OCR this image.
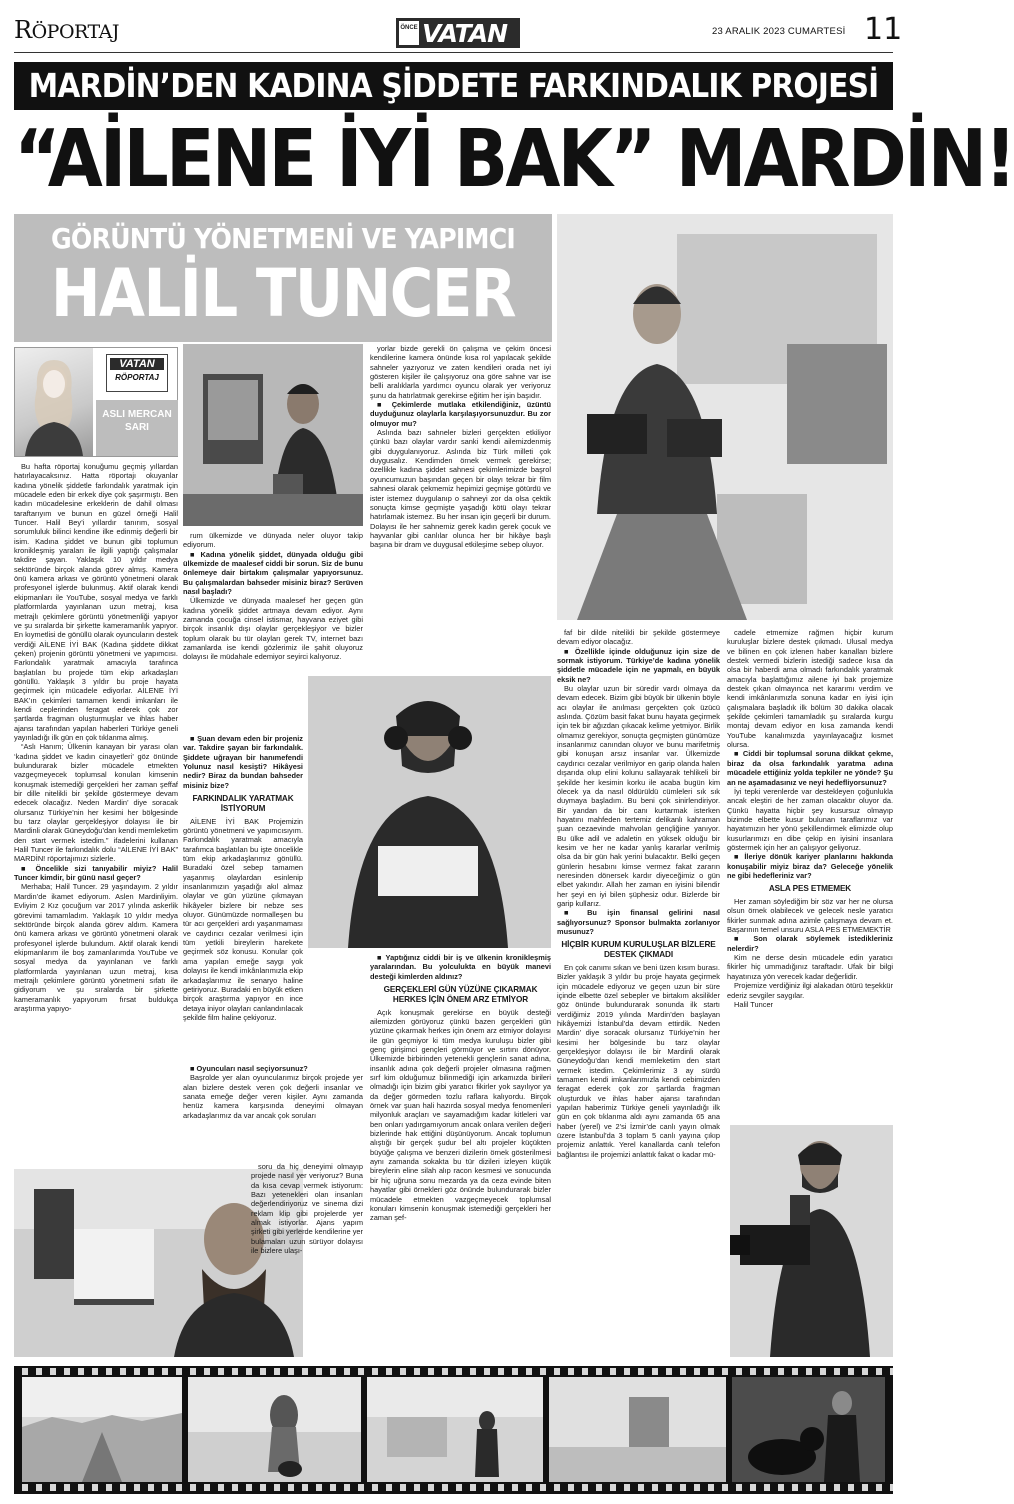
RÖPORTAJ	ÖNCE VATAN	23 ARALIK 2023 CUMARTESİ 11
MARDİN’DEN KADINA ŞİDDETE FARKINDALIK PROJESİ
“AİLENE İYİ BAK” MARDİN!
GÖRÜNTÜ YÖNETMENİ VE YAPIMCI
HALİL TUNCER
VATAN
RÖPORTAJ
ASLI MERCAN
SARI

Bu hafta röportaj konuğumu geçmiş yıllardan hatırlayacaksınız. Hatta röportajı okuyanlar kadına yönelik şiddetle farkındalık yaratmak için mücadele eden bir erkek diye çok şaşırmıştı. Ben kadın mücadelesine erkeklerin de dahil olması taraftarıyım ve bunun en güzel örneği Halil Tuncer. Halil Bey’i yıllardır tanırım, sosyal sorumluluk bilinci kendine ilke edinmiş değerli bir isim. Kadına şiddet ve bunun gibi toplumun kronikleşmiş yaraları ile ilgili yaptığı çalışmalar takdire şayan. Yaklaşık 10 yıldır medya sektöründe birçok alanda görev almış. Kamera önü kamera arkası ve görüntü yönetmeni olarak profesyonel işlerde bulunmuş. Aktif olarak kendi ekipmanları ile YouTube, sosyal medya ve farklı platformlarda yayınlanan uzun metraj, kısa metrajlı çekimlere görüntü yönetmenliği yapıyor ve şu sıralarda bir şirkette kameramanlık yapıyor. En kıymetlisi de gönüllü olarak oyuncuların destek verdiği AİLENE İYİ BAK (Kadına şiddete dikkat çeken) projenin görüntü yönetmeni ve yapımcısı. Farkındalık yaratmak amacıyla tarafınca başlatılan bu projede tüm ekip arkadaşları gönüllü. Yaklaşık 3 yıldır bu proje hayata geçirmek için mücadele ediyorlar. AİLENE İYİ BAK’ın çekimleri tamamen kendi imkanları ile kendi ceplerinden feragat ederek çok zor şartlarda fragman oluşturmuşlar ve ihlas haber ajansı tarafından yapılan haberleri Türkiye geneli yayınladığı ilk gün en çok tıklanma almış.

“Aslı Hanım; Ülkenin kanayan bir yarası olan ‘kadına şiddet ve kadın cinayetleri’ göz önünde bulundurarak bizler mücadele etmekten vazgeçmeyecek toplumsal konuları kimsenin konuşmak istemediği gerçekleri her zaman şeffaf bir dille nitelikli bir şekilde göstermeye devam edecek olacağız. Neden Mardin’ diye soracak olursanız Türkiye’nin her kesimi her bölgesinde bu tarz olaylar gerçekleşiyor dolayısı ile bir Mardinli olarak Güneydoğu’dan kendi memleketim den start vermek istedim.” ifadelerini kullanan Halil Tuncer ile farkındalık dolu “AİLENE İYİ BAK” MARDİN! röportajımızı sizlerle.

■ Öncelikle sizi tanıyabilir miyiz? Halil Tuncer kimdir, bir günü nasıl geçer?

Merhaba; Halil Tuncer. 29 yaşındayım. 2 yıldır Mardin’de ikamet ediyorum. Aslen Mardinliyim. Evliyim 2 Kız çocuğum var 2017 yılında askerlik görevimi tamamladım. Yaklaşık 10 yıldır medya sektöründe birçok alanda görev aldım. Kamera önü kamera arkası ve görüntü yönetmeni olarak profesyonel işlerde bulundum. Aktif olarak kendi ekipmanlarım ile boş zamanlarımda YouTube ve sosyal medya da yayınlanan ve farklı platformlarda yayınlanan uzun metraj, kısa metrajlı çekimlere görüntü yönetmeni sıfatı ile gidiyorum ve şu sıralarda bir şirkette kameramanlık yapıyorum fırsat buldukça araştırma yapıyo-

rum ülkemizde ve dünyada neler oluyor takip ediyorum.

■ Kadına yönelik şiddet, dünyada olduğu gibi ülkemizde de maalesef ciddi bir sorun. Siz de bunu önlemeye dair birtakım çalışmalar yapıyorsunuz. Bu çalışmalardan bahseder misiniz biraz? Serüven nasıl başladı?

Ülkemizde ve dünyada maalesef her geçen gün kadına yönelik şiddet artmaya devam ediyor. Aynı zamanda çocuğa cinsel istismar, hayvana eziyet gibi birçok insanlık dışı olaylar gerçekleşiyor ve bizler toplum olarak bu tür olayları gerek TV, internet bazı zamanlarda ise kendi gözlerimiz ile şahit oluyoruz dolayısı ile müdahale edemiyor seyirci kalıyoruz.

■ Şuan devam eden bir projeniz var. Takdire şayan bir farkındalık. Şiddete uğrayan bir hanımefendi Yolunuz nasıl kesişti? Hikâyesi nedir? Biraz da bundan bahseder misiniz bize?

FARKINDALIK YARATMAK İSTİYORUM

AİLENE İYİ BAK Projemizin görüntü yönetmeni ve yapımcısıyım. Farkındalık yaratmak amacıyla tarafımca başlatılan bu işte öncelikle tüm ekip arkadaşlarımız gönüllü. Buradaki özel sebep tamamen yaşanmış olaylardan esinlenip insanlarımızın yaşadığı akıl almaz olaylar ve gün yüzüne çıkmayan hikâyeler bizlere bir nebze ses oluyor. Günümüzde normalleşen bu tür acı gerçekleri ardı yaşanmaması ve caydırıcı cezalar verilmesi için tüm yetkili bireylerin harekete geçirmek söz konusu. Konular çok ama yapılan emeğe saygı yok dolayısı ile kendi imkânlarımızla ekip arkadaşlarımız ile senaryo haline getiriyoruz. Buradaki en büyük etken birçok araştırma yapıyor en ince detaya iniyor olayları canlandırılacak şekilde film haline çekiyoruz.

■ Oyuncuları nasıl seçiyorsunuz?

Başrolde yer alan oyuncularımız birçok projede yer alan bizlere destek veren çok değerli insanlar ve sanata emeğe değer veren kişiler. Aynı zamanda henüz kamera karşısında deneyimi olmayan arkadaşlarımız da var ancak çok soruları

soru da hiç deneyimi olmayıp projede nasıl yer veriyoruz? Buna da kısa cevap vermek istiyorum: Bazı yetenekleri olan insanları değerlendiriyoruz ve sinema dizi reklam klip gibi projelerde yer almak istiyorlar. Ajans yapım şirketi gibi yerlerde kendilerine yer bulamaları uzun sürüyor dolayısı ile bizlere ulaşı-

yorlar bizde gerekli ön çalışma ve çekim öncesi kendilerine kamera önünde kısa rol yapılacak şekilde sahneler yazıyoruz ve zaten kendileri orada net iyi gösteren kişiler ile çalışıyoruz ona göre sahne var ise belli aralıklarla yardımcı oyuncu olarak yer veriyoruz şunu da hatırlatmak gerekirse eğitim her işin başıdır.

■ Çekimlerde mutlaka etkilendiğiniz, üzüntü duyduğunuz olaylarla karşılaşıyorsunuzdur. Bu zor olmuyor mu?

Aslında bazı sahneler bizleri gerçekten etkiliyor çünkü bazı olaylar vardır sanki kendi ailemizdenmiş gibi duygulanıyoruz. Aslında biz Türk milleti çok duygusalız. Kendimden örnek vermek gerekirse; özellikle kadına şiddet sahnesi çekimlerimizde başrol oyuncumuzun başından geçen bir olayı tekrar bir film sahnesi olarak çekmemiz hepimizi geçmişe götürdü ve ister istemez duygulanıp o sahneyi zor da olsa çektik sonuçta kimse geçmişte yaşadığı kötü olayı tekrar hatırlamak istemez. Bu her insan için geçerli bir durum. Dolayısı ile her sahnemiz gerek kadın gerek çocuk ve hayvanlar gibi canlılar olunca her bir hikâye başlı başına bir dram ve duygusal etkileşime sebep oluyor.

■ Yaptığınız ciddi bir iş ve ülkenin kronikleşmiş yaralarından. Bu yolculukta en büyük manevi desteği kimlerden aldınız?

GERÇEKLERİ GÜN YÜZÜNE ÇIKARMAK HERKES İÇİN ÖNEM ARZ ETMİYOR

Açık konuşmak gerekirse en büyük desteği ailemizden görüyoruz çünkü bazen gerçekleri gün yüzüne çıkarmak herkes için önem arz etmiyor dolayısı ile gün geçmiyor ki tüm medya kuruluşu bizler gibi genç girişimci gençleri görmüyor ve sırtını dönüyor. Ülkemizde birbirinden yetenekli gençlerin sanat adına, insanlık adına çok değerli projeler olmasına rağmen sırf kim olduğumuz bilinmediği için arkamızda birileri olmadığı için bizim gibi yaratıcı fikirler yok sayılıyor ya da değer görmeden tozlu raflara kalıyordu. Birçok örnek var şuan hali hazırda sosyal medya fenomenleri milyonluk araçları ve sayamadığım kadar kitleleri var ben onları yadırgamıyorum ancak onlara verilen değeri bizlerinde hak ettiğini düşünüyorum. Ancak toplumun alıştığı bir gerçek şudur bel altı projeler küçükten büyüğe çalışma ve benzeri dizilerin örnek gösterilmesi aynı zamanda sokakta bu tür dizileri izleyen küçük bireylerin eline silah alıp racon kesmesi ve sonucunda bir hiç uğruna sonu mezarda ya da ceza evinde biten hayatlar gibi örnekleri göz önünde bulundurarak bizler mücadele etmekten vazgeçmeyecek toplumsal konuları kimsenin konuşmak istemediği gerçekleri her zaman şef-

faf bir dilde nitelikli bir şekilde göstermeye devam ediyor olacağız.

■ Özellikle içinde olduğunuz için size de sormak istiyorum. Türkiye’de kadına yönelik şiddetle mücadele için ne yapmalı, en büyük eksik ne?

Bu olaylar uzun bir süredir vardı olmaya da devam edecek. Bizim gibi büyük bir ülkenin böyle acı olaylar ile anılması gerçekten çok üzücü aslında. Çözüm basit fakat bunu hayata geçirmek için tek bir ağızdan çıkacak kelime yetmiyor. Birlik olmamız gerekiyor, sonuçta geçmişten günümüze insanlarımız canından oluyor ve bunu marifetmiş gibi konuşan arsız insanlar var. Ülkemizde caydırıcı cezalar verilmiyor en garip olanda halen dışarıda olup elini kolunu sallayarak tehlikeli bir şekilde her kesimin korku ile acaba bugün kim ölecek ya da nasıl öldürüldü cümleleri sık sık duymaya başladım. Bu beni çok sinirlendiriyor. Bir yandan da bir canı kurtarmak isterken hayatını mahfeden tertemiz delikanlı kahraman şuan cezaevinde mahvolan gençliğine yanıyor. Bu ülke adil ve adaletin en yüksek olduğu bir kesim ve her ne kadar yanlış kararlar verilmiş olsa da bir gün hak yerini bulacaktır. Belki geçen günlerin hesabını kimse vermez fakat zararın neresinden dönersek kardır diyeceğimiz o gün elbet yakındır. Allah her zaman en iyisini bilendir her şeyi en iyi bilen şüphesiz odur. Bizlerde bir garip kullarız.

■ Bu işin finansal gelirini nasıl sağlıyorsunuz? Sponsor bulmakta zorlanıyor musunuz?

HİÇBİR KURUM KURULUŞLAR BİZLERE DESTEK ÇIKMADI

En çok canımı sıkan ve beni üzen kısım burası. Bizler yaklaşık 3 yıldır bu proje hayata geçirmek için mücadele ediyoruz ve geçen uzun bir süre içinde elbette özel sebepler ve birtakım aksilikler göz önünde bulundurarak sonunda ilk startı verdiğimiz 2019 yılında Mardin’den başlayan hikâyemizi İstanbul’da devam ettirdik. Neden Mardin’ diye soracak olursanız Türkiye’nin her kesimi her bölgesinde bu tarz olaylar gerçekleşiyor dolayısı ile bir Mardinli olarak Güneydoğu’dan kendi memleketim den start vermek istedim. Çekimlerimiz 3 ay sürdü tamamen kendi imkanlarımızla kendi cebimizden feragat ederek çok zor şartlarda fragman oluşturduk ve ihlas haber ajansı tarafından yapılan haberimiz Türkiye geneli yayınladığı ilk gün en çok tıklanma aldı aynı zamanda 65 ana haber (yerel) ve 2’si İzmir’de canlı yayın olmak üzere İstanbul’da 3 toplam 5 canlı yayına çıkıp projemiz anlattık. Yerel kanallarda canlı telefon bağlantısı ile projemizi anlattık fakat o kadar mü-

cadele etmemize rağmen hiçbir kurum kuruluşlar bizlere destek çıkmadı. Ulusal medya ve bilinen en çok izlenen haber kanalları bizlere destek vermedi bizlerin istediği sadece kısa da olsa bir haberdi ama olmadı farkındalık yaratmak amacıyla başlattığımız ailene iyi bak projemize destek çıkan olmayınca net kararımı verdim ve kendi imkânlarımızla sonuna kadar en iyisi için çalışmalara başladık ilk bölüm 30 dakika olacak şekilde çekimleri tamamladık şu sıralarda kurgu montaj devam ediyor en kısa zamanda kendi YouTube kanalımızda yayınlayacağız kısmet olursa.

■ Ciddi bir toplumsal soruna dikkat çekme, biraz da olsa farkındalık yaratma adına mücadele ettiğiniz yolda tepkiler ne yönde? Şu an ne aşamadasınız ve neyi hedefliyorsunuz?

İyi tepki verenlerde var destekleyen çoğunlukla ancak eleştiri de her zaman olacaktır oluyor da. Çünkü hayatta hiçbir şey kusursuz olmayıp bizimde elbette kusur bulunan taraflarımız var hayatımızın her yönü şekillendirmek elimizde olup kusurlarımızı en dibe çekip en iyisini insanlara göstermek için her an çalışıyor geliyoruz.

■ İleriye dönük kariyer planlarını hakkında konuşabilir miyiz biraz da? Geleceğe yönelik ne gibi hedefleriniz var?

ASLA PES ETMEMEK

Her zaman söylediğim bir söz var her ne olursa olsun örnek olabilecek ve gelecek nesle yaratıcı fikirler sunmak adına azimle çalışmaya devam et. Başarının temel unsuru ASLA PES ETMEMEKTİR

■ Son olarak söylemek istedikleriniz nelerdir?

Kim ne derse desin mücadele edin yaratıcı fikirler hiç ummadığınız taraftadır. Ufak bir bilgi hayatınıza yön verecek kadar değerlidir.

Projemize verdiğiniz ilgi alakadan ötürü teşekkür ederiz sevgiler saygılar.

Halil Tuncer
